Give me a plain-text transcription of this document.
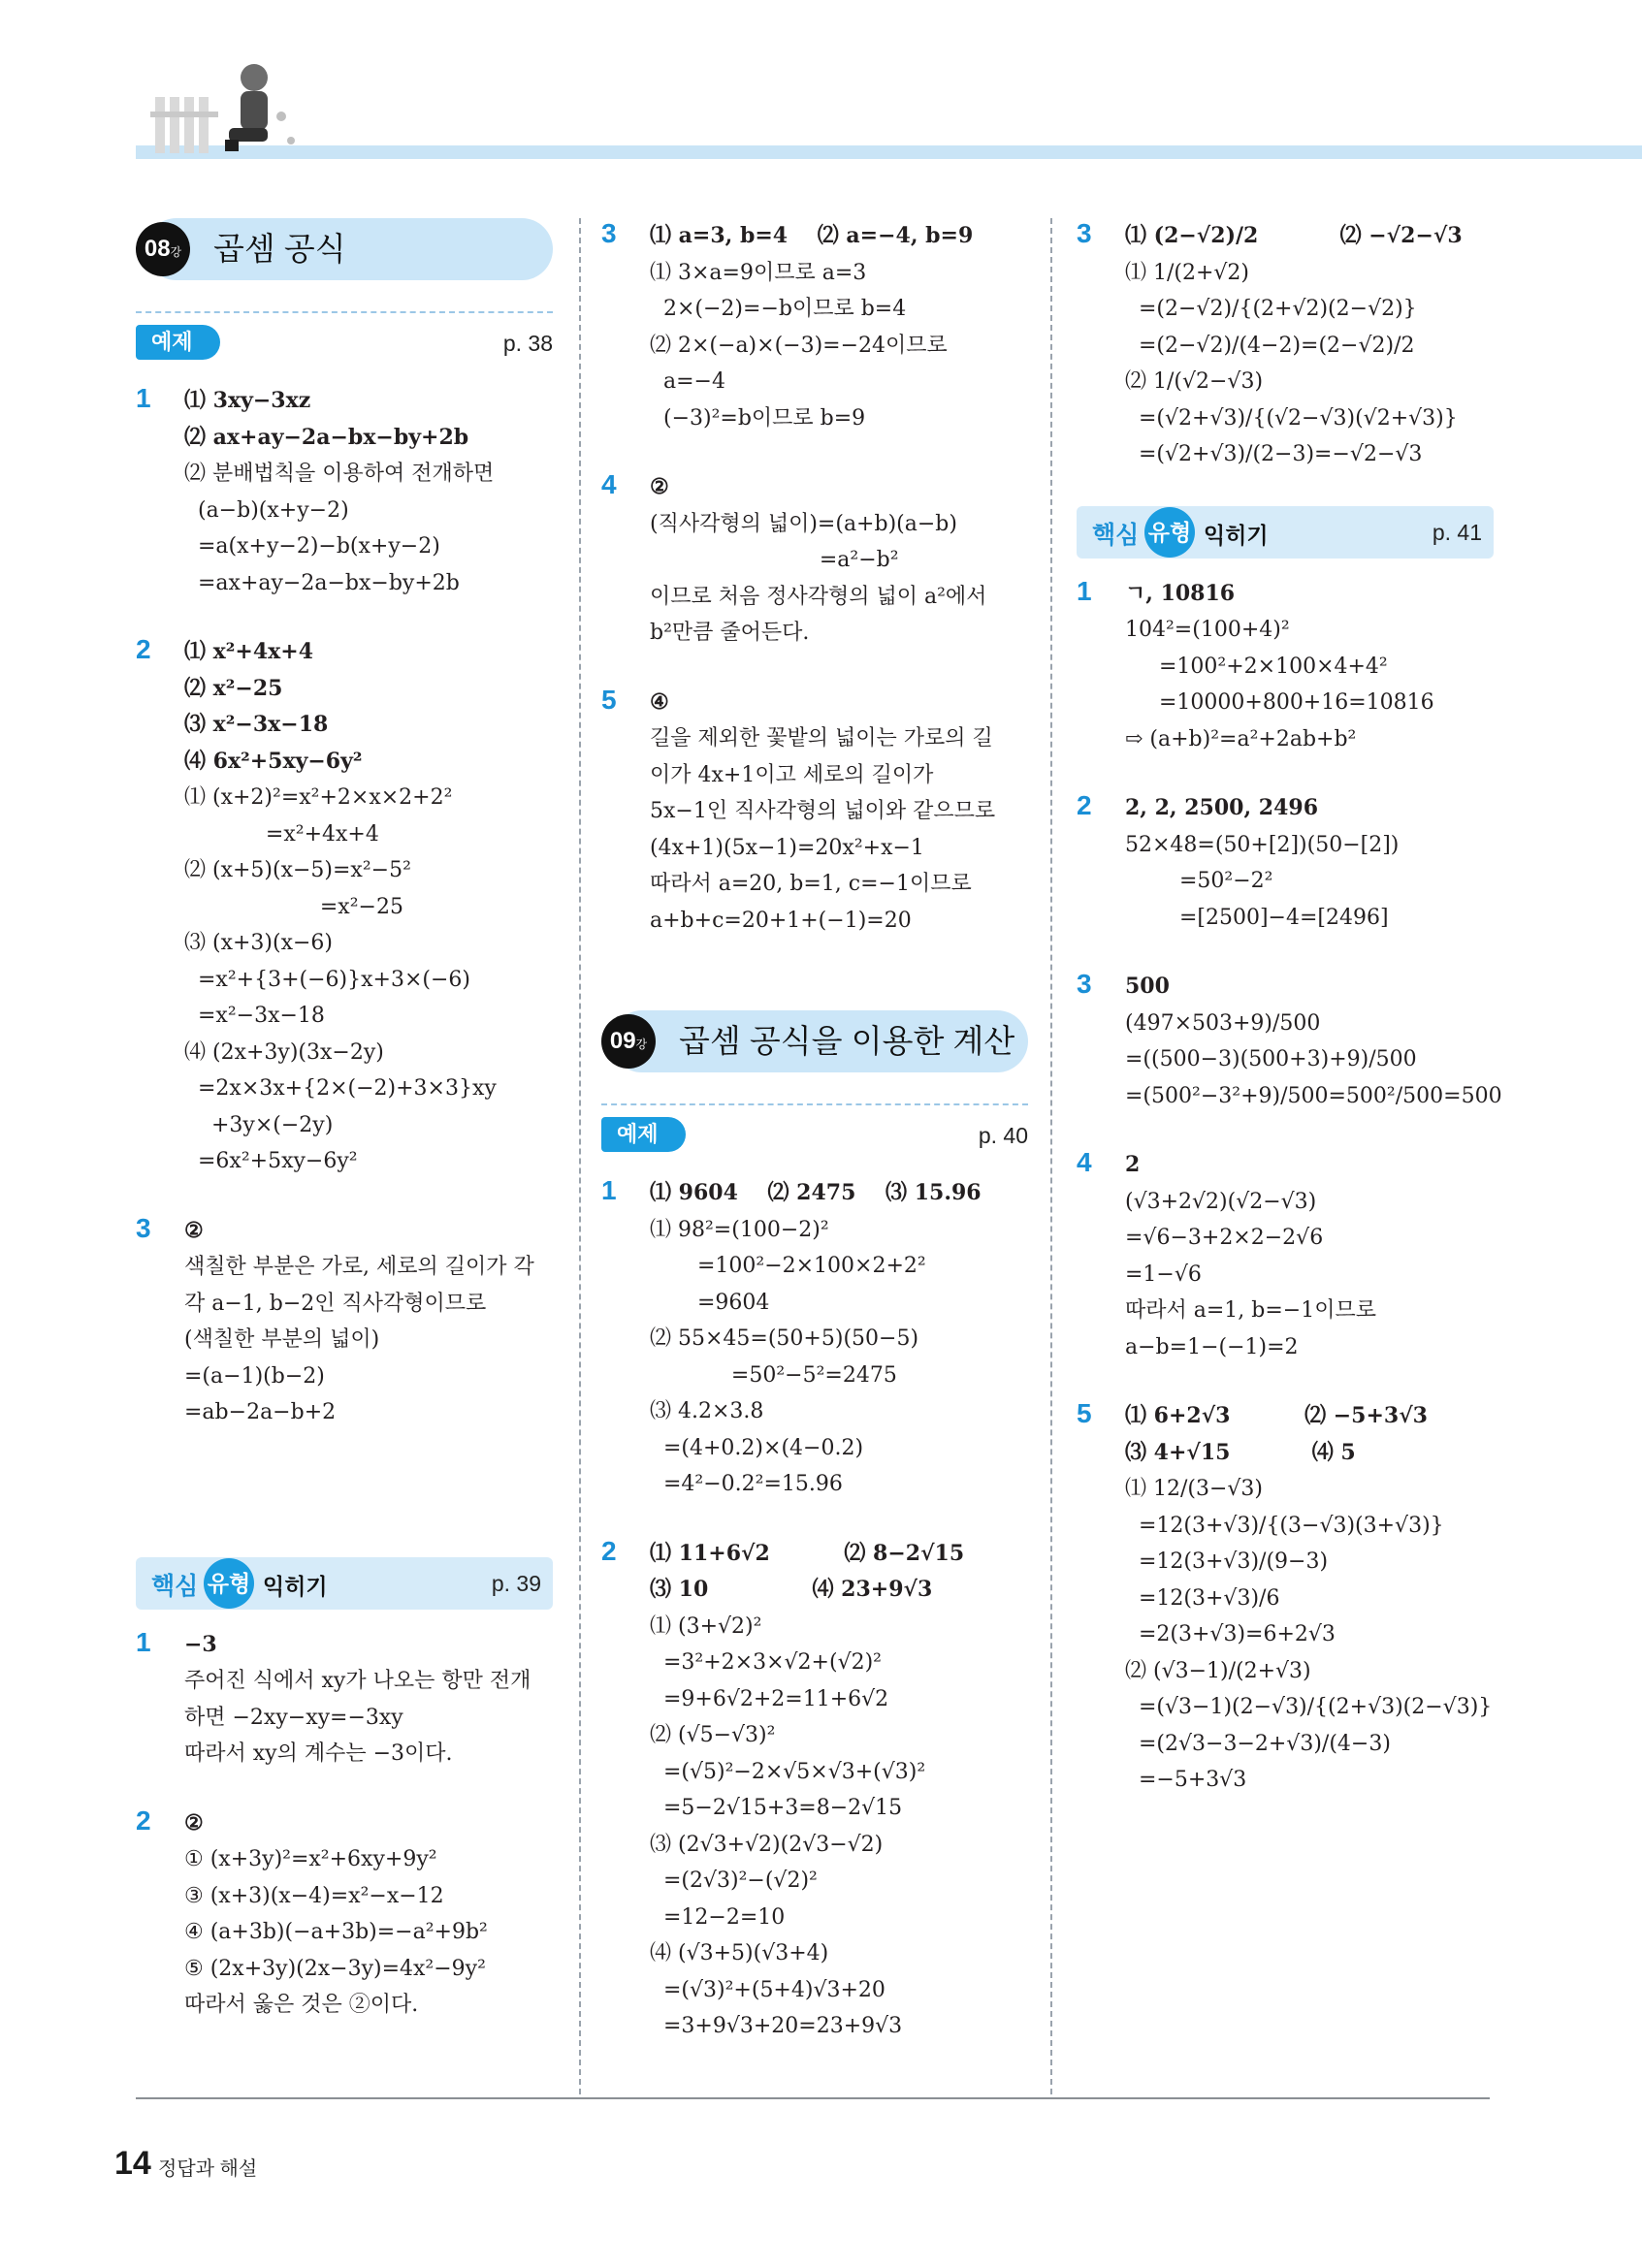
08강 곱셈 공식
예제	p. 38
1 ⑴ 3xy−3xz
⑵ ax+ay−2a−bx−by+2b
⑵ 분배법칙을 이용하여 전개하면
(a−b)(x+y−2)
=a(x+y−2)−b(x+y−2)
=ax+ay−2a−bx−by+2b
2 ⑴ x²+4x+4
⑵ x²−25
⑶ x²−3x−18
⑷ 6x²+5xy−6y²
⑴ (x+2)²=x²+2×x×2+2²
=x²+4x+4
⑵ (x+5)(x−5)=x²−5²
=x²−25
⑶ (x+3)(x−6)
=x²+{3+(−6)}x+3×(−6)
=x²−3x−18
⑷ (2x+3y)(3x−2y)
=2x×3x+{2×(−2)+3×3}xy
+3y×(−2y)
=6x²+5xy−6y²
3 ②
색칠한 부분은 가로, 세로의 길이가 각
각 a−1, b−2인 직사각형이므로
(색칠한 부분의 넓이)
=(a−1)(b−2)
=ab−2a−b+2
핵심 유형 익히기	p. 39
1 −3
주어진 식에서 xy가 나오는 항만 전개
하면 −2xy−xy=−3xy
따라서 xy의 계수는 −3이다.
2 ②
① (x+3y)²=x²+6xy+9y²
③ (x+3)(x−4)=x²−x−12
④ (a+3b)(−a+3b)=−a²+9b²
⑤ (2x+3y)(2x−3y)=4x²−9y²
따라서 옳은 것은 ②이다.
3 ⑴ a=3, b=4    ⑵ a=−4, b=9
⑴ 3×a=9이므로 a=3
2×(−2)=−b이므로 b=4
⑵ 2×(−a)×(−3)=−24이므로
a=−4
(−3)²=b이므로 b=9
4 ②
(직사각형의 넓이)=(a+b)(a−b)
=a²−b²
이므로 처음 정사각형의 넓이 a²에서
b²만큼 줄어든다.
5 ④
길을 제외한 꽃밭의 넓이는 가로의 길
이가 4x+1이고 세로의 길이가
5x−1인 직사각형의 넓이와 같으므로
(4x+1)(5x−1)=20x²+x−1
따라서 a=20, b=1, c=−1이므로
a+b+c=20+1+(−1)=20
09강 곱셈 공식을 이용한 계산
예제	p. 40
1 ⑴ 9604    ⑵ 2475    ⑶ 15.96
⑴ 98²=(100−2)²
=100²−2×100×2+2²
=9604
⑵ 55×45=(50+5)(50−5)
=50²−5²=2475
⑶ 4.2×3.8
=(4+0.2)×(4−0.2)
=4²−0.2²=15.96
2 ⑴ 11+6√2          ⑵ 8−2√15
⑶ 10              ⑷ 23+9√3
⑴ (3+√2)²
=3²+2×3×√2+(√2)²
=9+6√2+2=11+6√2
⑵ (√5−√3)²
=(√5)²−2×√5×√3+(√3)²
=5−2√15+3=8−2√15
⑶ (2√3+√2)(2√3−√2)
=(2√3)²−(√2)²
=12−2=10
⑷ (√3+5)(√3+4)
=(√3)²+(5+4)√3+20
=3+9√3+20=23+9√3
3 ⑴ (2−√2)/2           ⑵ −√2−√3
⑴ 1/(2+√2)
=(2−√2)/{(2+√2)(2−√2)}
=(2−√2)/(4−2)=(2−√2)/2
⑵ 1/(√2−√3)
=(√2+√3)/{(√2−√3)(√2+√3)}
=(√2+√3)/(2−3)=−√2−√3
핵심 유형 익히기	p. 41
1 ㄱ, 10816
104²=(100+4)²
=100²+2×100×4+4²
=10000+800+16=10816
⇨ (a+b)²=a²+2ab+b²
2 2, 2, 2500, 2496
52×48=(50+[2])(50−[2])
=50²−2²
=[2500]−4=[2496]
3 500
(497×503+9)/500
=((500−3)(500+3)+9)/500
=(500²−3²+9)/500=500²/500=500
4 2
(√3+2√2)(√2−√3)
=√6−3+2×2−2√6
=1−√6
따라서 a=1, b=−1이므로
a−b=1−(−1)=2
5 ⑴ 6+2√3          ⑵ −5+3√3
⑶ 4+√15           ⑷ 5
⑴ 12/(3−√3)
=12(3+√3)/{(3−√3)(3+√3)}
=12(3+√3)/(9−3)
=12(3+√3)/6
=2(3+√3)=6+2√3
⑵ (√3−1)/(2+√3)
=(√3−1)(2−√3)/{(2+√3)(2−√3)}
=(2√3−3−2+√3)/(4−3)
=−5+3√3
14 정답과 해설
